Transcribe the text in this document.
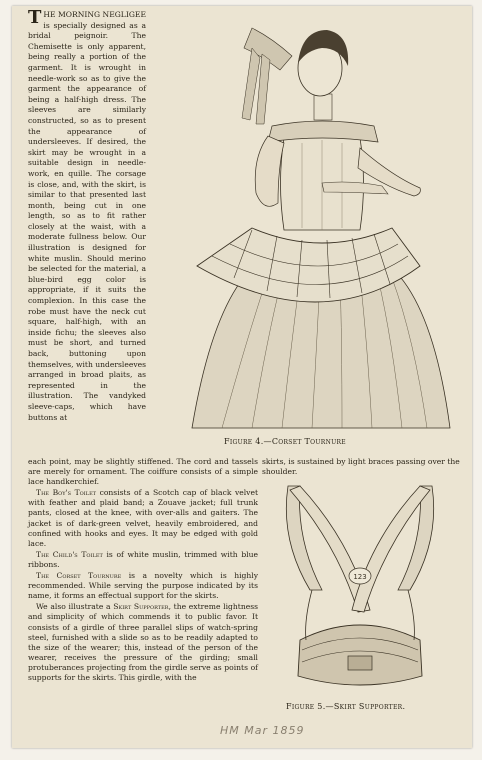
THE MORNING NEGLIGEE is specially designed as a bridal peignoir. The Chemisette is only apparent, being really a portion of the garment. It is wrought in needle-work so as to give the garment the appearance of being a half-high dress. The sleeves are similarly constructed, so as to present the appearance of undersleeves. If desired, the skirt may be wrought in a suitable design in needle-work, en quille. The corsage is close, and, with the skirt, is similar to that presented last month, being cut in one length, so as to fit rather closely at the waist, with a moderate fullness below. Our illustration is designed for white muslin. Should merino be selected for the material, a blue-bird egg color is appropriate, if it suits the complexion. In this case the robe must have the neck cut square, half-high, with an inside fichu; the sleeves also must be short, and turned back, buttoning upon themselves, with undersleeves arranged in broad plaits, as represented in the illustration. The vandyked sleeve-caps, which have buttons at
Figure 4.—Corset Tournure

each point, may be slightly stiffened. The cord and tassels are merely for ornament. The coiffure consists of a simple lace handkerchief.

The Boy's Toilet consists of a Scotch cap of black velvet with feather and plaid band; a Zouave jacket; full trunk pants, closed at the knee, with over-alls and gaiters. The jacket is of dark-green velvet, heavily embroidered, and confined with hooks and eyes. It may be edged with gold lace.

The Child's Toilet is of white muslin, trimmed with blue ribbons.

The Corset Tournure is a novelty which is highly recommended. While serving the purpose indicated by its name, it forms an effectual support for the skirts.

We also illustrate a Skirt Supporter, the extreme lightness and simplicity of which commends it to public favor. It consists of a girdle of three parallel slips of watch-spring steel, furnished with a slide so as to be readily adapted to the size of the wearer; this, instead of the person of the wearer, receives the pressure of the girding; small protuberances projecting from the girdle serve as points of supports for the skirts. This girdle, with the

skirts, is sustained by light braces passing over the shoulder.
123
Figure 5.—Skirt Supporter.
HM Mar 1859
